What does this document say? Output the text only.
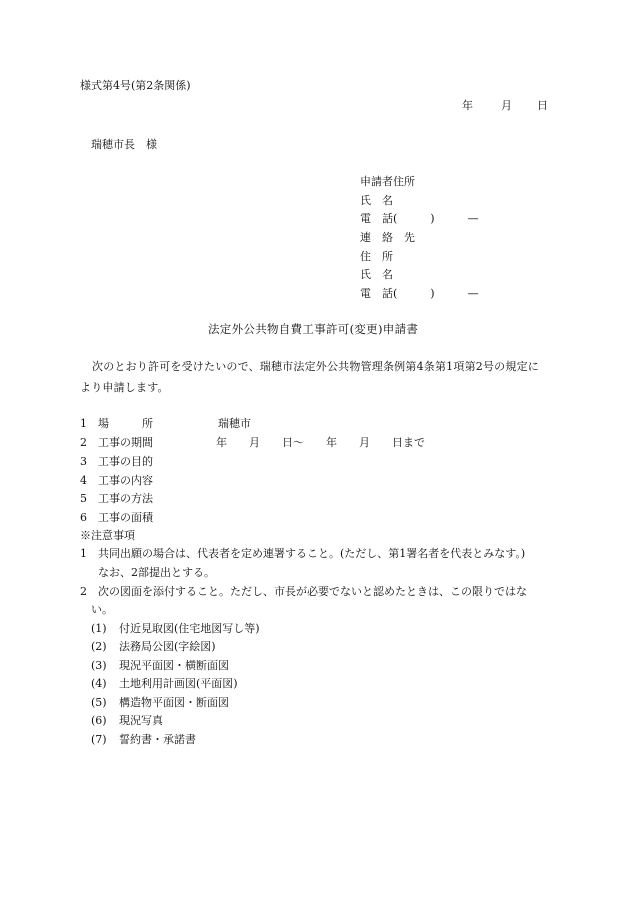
様式第4号(第2条関係)
年	月 日
瑞穂市長　様
申請者住所
氏　名
電　話(　　　)　　　—
連　絡　先
住　所
氏　名
電　話(　　　)　　　—
法定外公共物自費工事許可(変更)申請書
次のとおり許可を受けたいので、瑞穂市法定外公共物管理条例第4条第1項第2号の規定により申請します。
1 場　　　所	瑞穂市
2 工事の期間	年　　月　　日～　　年　　月　　日まで
3 工事の目的
4 工事の内容
5 工事の方法
6 工事の面積
※注意事項
1 共同出願の場合は、代表者を定め連署すること。(ただし、第1署名者を代表とみなす。)
なお、2部提出とする。
2 次の図面を添付すること。ただし、市長が必要でないと認めたときは、この限りではな
い。
(1) 付近見取図(住宅地図写し等)
(2) 法務局公図(字絵図)
(3) 現況平面図・横断面図
(4) 土地利用計画図(平面図)
(5) 構造物平面図・断面図
(6) 現況写真
(7) 誓約書・承諾書
